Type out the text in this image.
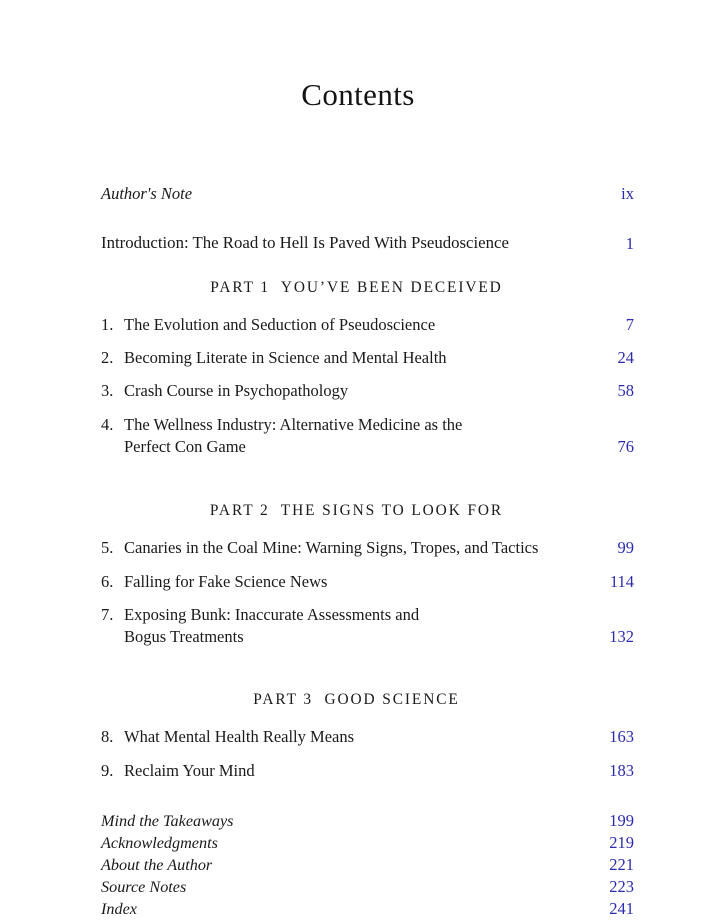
Contents
Author's Note	ix
Introduction: The Road to Hell Is Paved With Pseudoscience	1
PART 1  YOU’VE BEEN DECEIVED
1. The Evolution and Seduction of Pseudoscience	7
2. Becoming Literate in Science and Mental Health	24
3. Crash Course in Psychopathology	58
4. The Wellness Industry: Alternative Medicine as the
Perfect Con Game	76
PART 2  THE SIGNS TO LOOK FOR
5. Canaries in the Coal Mine: Warning Signs, Tropes, and Tactics	99
6. Falling for Fake Science News	114
7. Exposing Bunk: Inaccurate Assessments and
Bogus Treatments	132
PART 3  GOOD SCIENCE
8. What Mental Health Really Means	163
9. Reclaim Your Mind	183
Mind the Takeaways	199
Acknowledgments	219
About the Author	221
Source Notes	223
Index	241
